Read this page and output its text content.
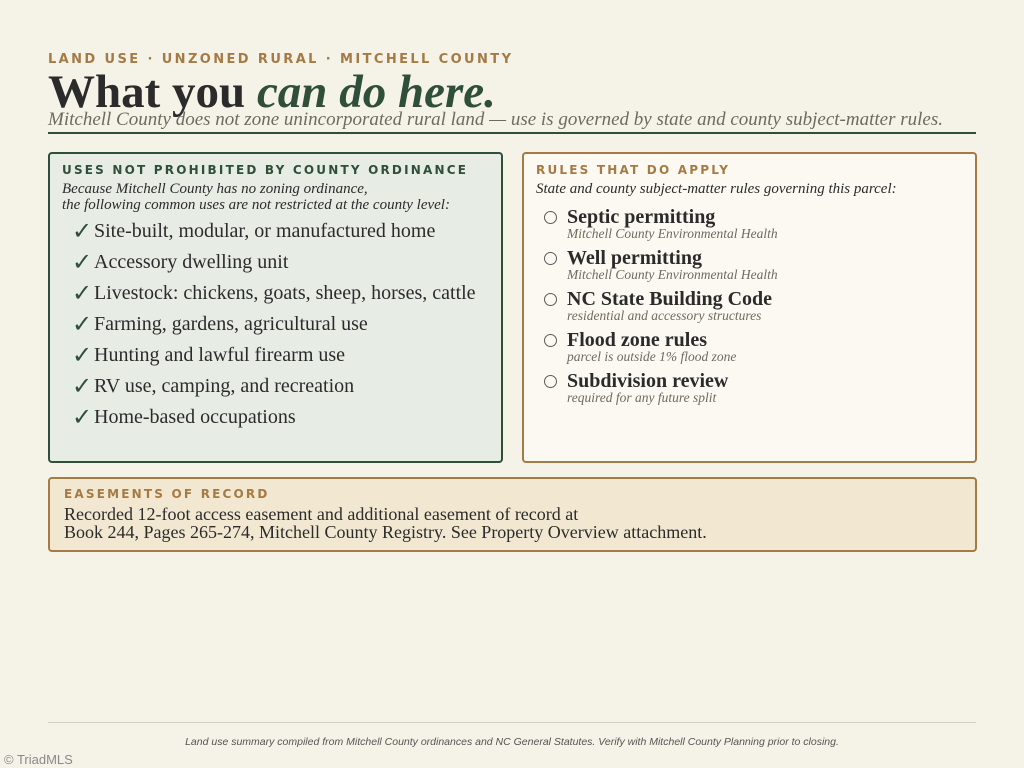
LAND USE · UNZONED RURAL · MITCHELL COUNTY
What you can do here.
Mitchell County does not zone unincorporated rural land — use is governed by state and county subject-matter rules.
USES NOT PROHIBITED BY COUNTY ORDINANCE
Because Mitchell County has no zoning ordinance,
the following common uses are not restricted at the county level:
✓ Site-built, modular, or manufactured home
✓ Accessory dwelling unit
✓ Livestock: chickens, goats, sheep, horses, cattle
✓ Farming, gardens, agricultural use
✓ Hunting and lawful firearm use
✓ RV use, camping, and recreation
✓ Home-based occupations
RULES THAT DO APPLY
State and county subject-matter rules governing this parcel:
Septic permitting
Mitchell County Environmental Health
Well permitting
Mitchell County Environmental Health
NC State Building Code
residential and accessory structures
Flood zone rules
parcel is outside 1% flood zone
Subdivision review
required for any future split
EASEMENTS OF RECORD
Recorded 12-foot access easement and additional easement of record at
Book 244, Pages 265-274, Mitchell County Registry. See Property Overview attachment.
Land use summary compiled from Mitchell County ordinances and NC General Statutes. Verify with Mitchell County Planning prior to closing.
© TriadMLS
